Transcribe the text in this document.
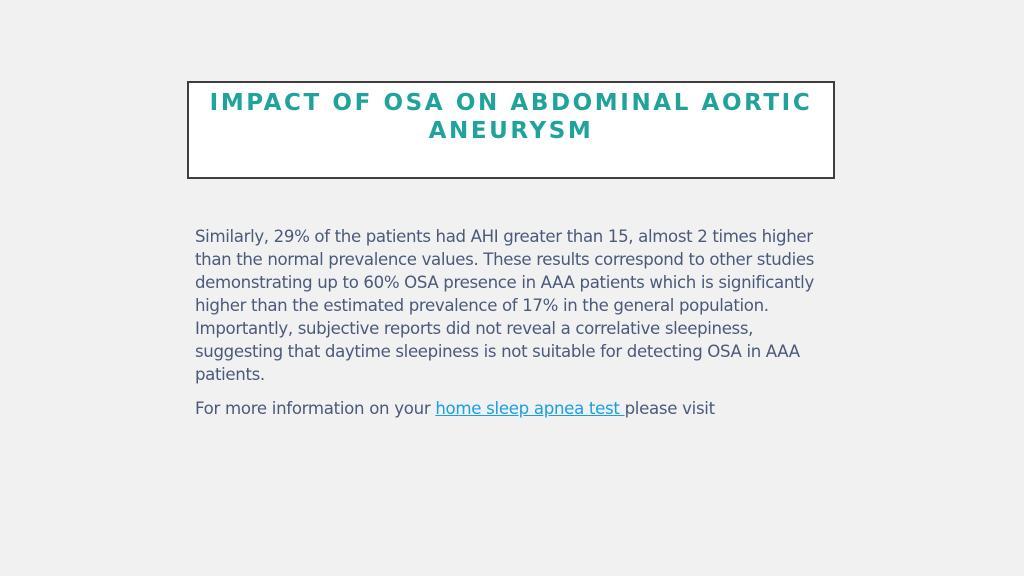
IMPACT OF OSA ON ABDOMINAL AORTIC ANEURYSM

Similarly, 29% of the patients had AHI greater than 15, almost 2 times higher than the normal prevalence values. These results correspond to other studies demonstrating up to 60% OSA presence in AAA patients which is significantly higher than the estimated prevalence of 17% in the general population. Importantly, subjective reports did not reveal a correlative sleepiness, suggesting that daytime sleepiness is not suitable for detecting OSA in AAA patients.

For more information on your home sleep apnea test please visit
